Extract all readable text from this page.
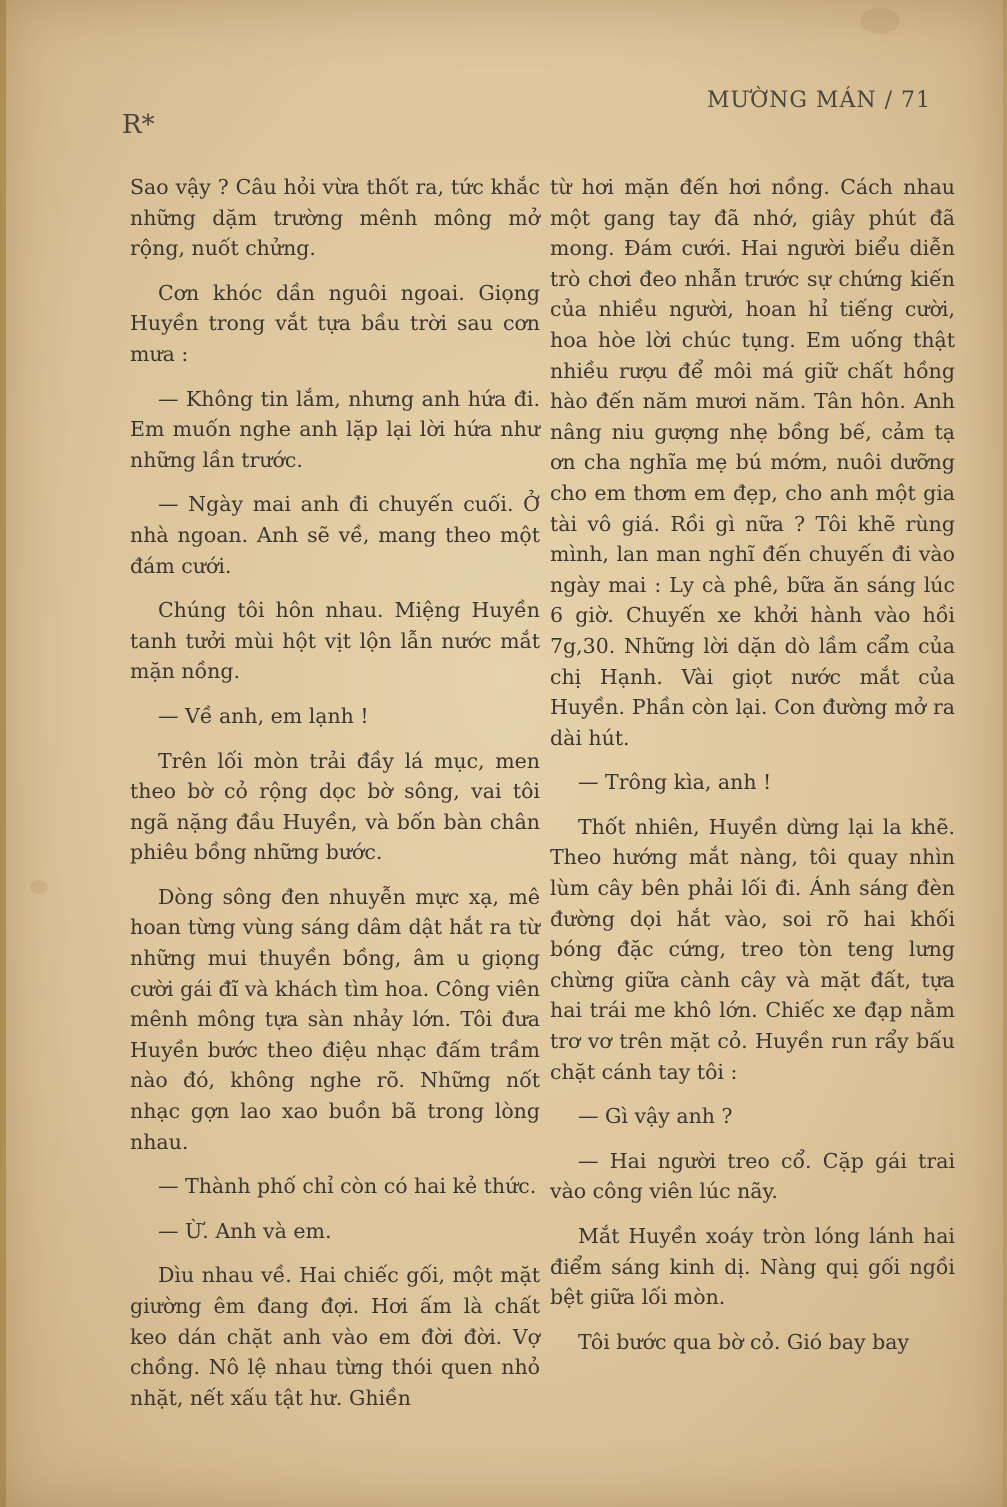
R*
MƯỜNG MÁN / 71

Sao vậy ? Câu hỏi vừa thốt ra, tức khắc những dặm trường mênh mông mở rộng, nuốt chửng.

Cơn khóc dần nguôi ngoai. Giọng Huyền trong vắt tựa bầu trời sau cơn mưa :

— Không tin lắm, nhưng anh hứa đi. Em muốn nghe anh lặp lại lời hứa như những lần trước.

— Ngày mai anh đi chuyến cuối. Ở nhà ngoan. Anh sẽ về, mang theo một đám cưới.

Chúng tôi hôn nhau. Miệng Huyền tanh tưởi mùi hột vịt lộn lẫn nước mắt mặn nồng.

— Về anh, em lạnh !

Trên lối mòn trải đầy lá mục, men theo bờ cỏ rộng dọc bờ sông, vai tôi ngã nặng đầu Huyền, và bốn bàn chân phiêu bồng những bước.

Dòng sông đen nhuyễn mực xạ, mê hoan từng vùng sáng dâm dật hắt ra từ những mui thuyền bồng, âm u giọng cười gái đĩ và khách tìm hoa. Công viên mênh mông tựa sàn nhảy lớn. Tôi đưa Huyền bước theo điệu nhạc đấm trầm nào đó, không nghe rõ. Những nốt nhạc gợn lao xao buồn bã trong lòng nhau.

— Thành phố chỉ còn có hai kẻ thức.

— Ừ. Anh và em.

Dìu nhau về. Hai chiếc gối, một mặt giường êm đang đợi. Hơi ấm là chất keo dán chặt anh vào em đời đời. Vợ chồng. Nô lệ nhau từng thói quen nhỏ nhặt, nết xấu tật hư. Ghiền

từ hơi mặn đến hơi nồng. Cách nhau một gang tay đã nhớ, giây phút đã mong. Đám cưới. Hai người biểu diễn trò chơi đeo nhẫn trước sự chứng kiến của nhiều người, hoan hỉ tiếng cười, hoa hòe lời chúc tụng. Em uống thật nhiều rượu để môi má giữ chất hồng hào đến năm mươi năm. Tân hôn. Anh nâng niu gượng nhẹ bồng bế, cảm tạ ơn cha nghĩa mẹ bú mớm, nuôi dưỡng cho em thơm em đẹp, cho anh một gia tài vô giá. Rồi gì nữa ? Tôi khẽ rùng mình, lan man nghĩ đến chuyến đi vào ngày mai : Ly cà phê, bữa ăn sáng lúc 6 giờ. Chuyến xe khởi hành vào hồi 7g,30. Những lời dặn dò lầm cẩm của chị Hạnh. Vài giọt nước mắt của Huyền. Phần còn lại. Con đường mở ra dài hút.

— Trông kìa, anh !

Thốt nhiên, Huyền dừng lại la khẽ. Theo hướng mắt nàng, tôi quay nhìn lùm cây bên phải lối đi. Ánh sáng đèn đường dọi hắt vào, soi rõ hai khối bóng đặc cứng, treo tòn teng lưng chừng giữa cành cây và mặt đất, tựa hai trái me khô lớn. Chiếc xe đạp nằm trơ vơ trên mặt cỏ. Huyền run rẩy bấu chặt cánh tay tôi :

— Gì vậy anh ?

— Hai người treo cổ. Cặp gái trai vào công viên lúc nãy.

Mắt Huyền xoáy tròn lóng lánh hai điểm sáng kinh dị. Nàng quị gối ngồi bệt giữa lối mòn.

Tôi bước qua bờ cỏ. Gió bay bay
